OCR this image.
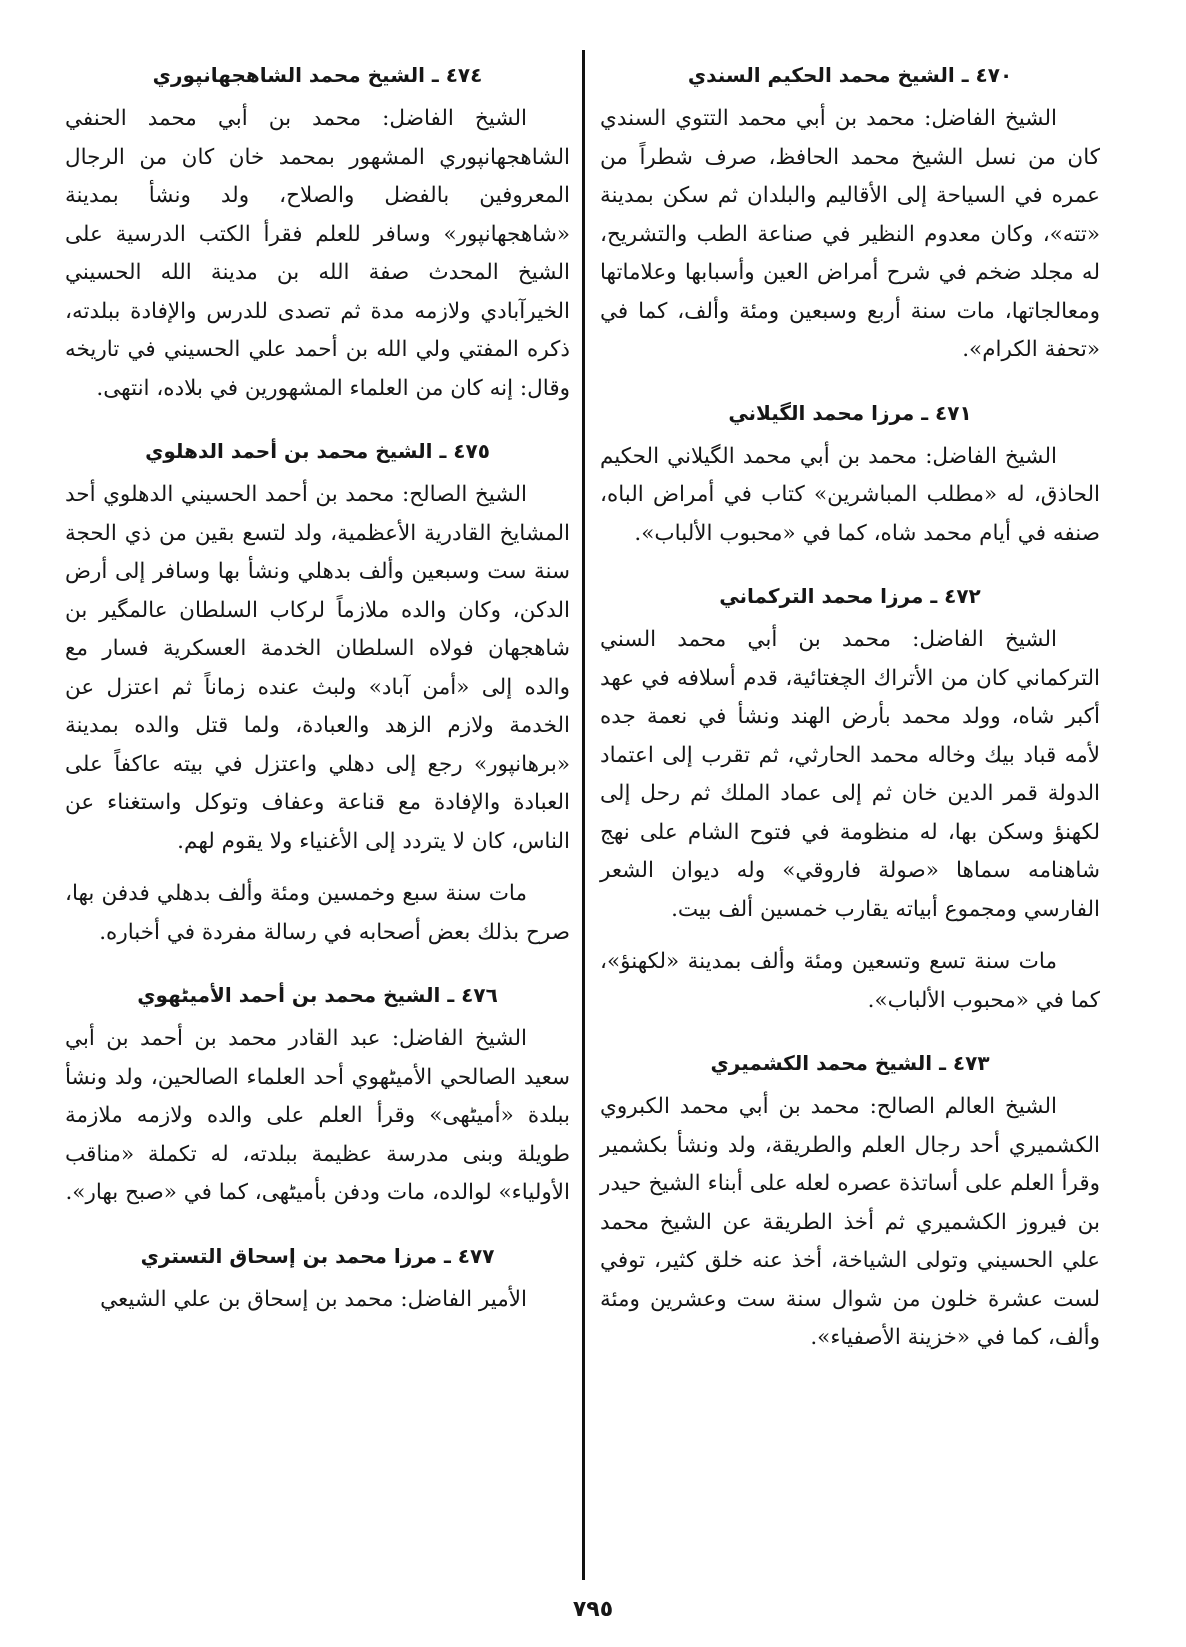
٤٧٠ ـ الشيخ محمد الحكيم السندي

الشيخ الفاضل: محمد بن أبي محمد التتوي السندي كان من نسل الشيخ محمد الحافظ، صرف شطراً من عمره في السياحة إلى الأقاليم والبلدان ثم سكن بمدينة «تته»، وكان معدوم النظير في صناعة الطب والتشريح، له مجلد ضخم في شرح أمراض العين وأسبابها وعلاماتها ومعالجاتها، مات سنة أربع وسبعين ومئة وألف، كما في «تحفة الكرام».

٤٧١ ـ مرزا محمد الگيلاني

الشيخ الفاضل: محمد بن أبي محمد الگيلاني الحكيم الحاذق، له «مطلب المباشرين» كتاب في أمراض الباه، صنفه في أيام محمد شاه، كما في «محبوب الألباب».

٤٧٢ ـ مرزا محمد التركماني

الشيخ الفاضل: محمد بن أبي محمد السني التركماني كان من الأتراك الچغتائية، قدم أسلافه في عهد أكبر شاه، وولد محمد بأرض الهند ونشأ في نعمة جده لأمه قباد بيك وخاله محمد الحارثي، ثم تقرب إلى اعتماد الدولة قمر الدين خان ثم إلى عماد الملك ثم رحل إلى لكهنؤ وسكن بها، له منظومة في فتوح الشام على نهج شاهنامه سماها «صولة فاروقي» وله ديوان الشعر الفارسي ومجموع أبياته يقارب خمسين ألف بيت.

مات سنة تسع وتسعين ومئة وألف بمدينة «لكهنؤ»، كما في «محبوب الألباب».

٤٧٣ ـ الشيخ محمد الكشميري

الشيخ العالم الصالح: محمد بن أبي محمد الكبروي الكشميري أحد رجال العلم والطريقة، ولد ونشأ بكشمير وقرأ العلم على أساتذة عصره لعله على أبناء الشيخ حيدر بن فيروز الكشميري ثم أخذ الطريقة عن الشيخ محمد علي الحسيني وتولى الشياخة، أخذ عنه خلق كثير، توفي لست عشرة خلون من شوال سنة ست وعشرين ومئة وألف، كما في «خزينة الأصفياء».

٤٧٤ ـ الشيخ محمد الشاهجهانپوري

الشيخ الفاضل: محمد بن أبي محمد الحنفي الشاهجهانپوري المشهور بمحمد خان كان من الرجال المعروفين بالفضل والصلاح، ولد ونشأ بمدينة «شاهجهانپور» وسافر للعلم فقرأ الكتب الدرسية على الشيخ المحدث صفة الله بن مدينة الله الحسيني الخيرآبادي ولازمه مدة ثم تصدى للدرس والإفادة ببلدته، ذكره المفتي ولي الله بن أحمد علي الحسيني في تاريخه وقال: إنه كان من العلماء المشهورين في بلاده، انتهى.

٤٧٥ ـ الشيخ محمد بن أحمد الدهلوي

الشيخ الصالح: محمد بن أحمد الحسيني الدهلوي أحد المشايخ القادرية الأعظمية، ولد لتسع بقين من ذي الحجة سنة ست وسبعين وألف بدهلي ونشأ بها وسافر إلى أرض الدكن، وكان والده ملازماً لركاب السلطان عالمگير بن شاهجهان فولاه السلطان الخدمة العسكرية فسار مع والده إلى «أمن آباد» ولبث عنده زماناً ثم اعتزل عن الخدمة ولازم الزهد والعبادة، ولما قتل والده بمدينة «برهانپور» رجع إلى دهلي واعتزل في بيته عاكفاً على العبادة والإفادة مع قناعة وعفاف وتوكل واستغناء عن الناس، كان لا يتردد إلى الأغنياء ولا يقوم لهم.

مات سنة سبع وخمسين ومئة وألف بدهلي فدفن بها، صرح بذلك بعض أصحابه في رسالة مفردة في أخباره.

٤٧٦ ـ الشيخ محمد بن أحمد الأميٹهوي

الشيخ الفاضل: عبد القادر محمد بن أحمد بن أبي سعيد الصالحي الأميٹهوي أحد العلماء الصالحين، ولد ونشأ ببلدة «أميٹهی» وقرأ العلم على والده ولازمه ملازمة طويلة وبنى مدرسة عظيمة ببلدته، له تكملة «مناقب الأولياء» لوالده، مات ودفن بأميٹهی، كما في «صبح بهار».

٤٧٧ ـ مرزا محمد بن إسحاق التستري

الأمير الفاضل: محمد بن إسحاق بن علي الشيعي

٧٩٥
